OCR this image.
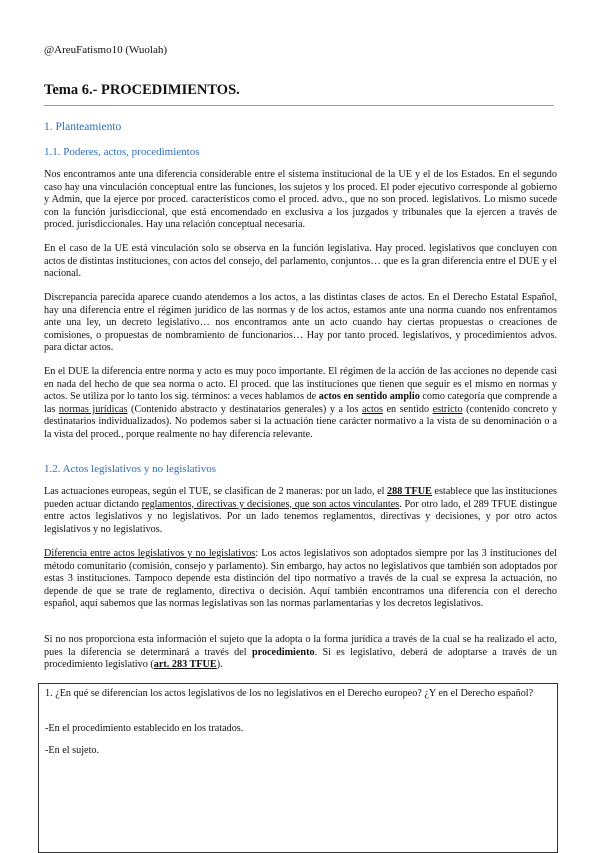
@AreuFatismo10 (Wuolah)
Tema 6.- PROCEDIMIENTOS.
1. Planteamiento
1.1. Poderes, actos, procedimientos
Nos encontramos ante una diferencia considerable entre el sistema institucional de la UE y el de los Estados. En el segundo caso hay una vinculación conceptual entre las funciones, los sujetos y los proced. El poder ejecutivo corresponde al gobierno y Admin, que la ejerce por proced. característicos como el proced. advo., que no son proced. legislativos. Lo mismo sucede con la función jurisdiccional, que está encomendado en exclusiva a los juzgados y tribunales que la ejercen a través de proced. jurisdiccionales. Hay una relación conceptual necesaria.
En el caso de la UE está vinculación solo se observa en la función legislativa. Hay proced. legislativos que concluyen con actos de distintas instituciones, con actos del consejo, del parlamento, conjuntos… que es la gran diferencia entre el DUE y el nacional.
Discrepancia parecida aparece cuando atendemos a los actos, a las distintas clases de actos. En el Derecho Estatal Español, hay una diferencia entre el régimen jurídico de las normas y de los actos, estamos ante una norma cuando nos enfrentamos ante una ley, un decreto legislativo… nos encontramos ante un acto cuando hay ciertas propuestas o creaciones de comisiones, o propuestas de nombramiento de funcionarios… Hay por tanto proced. legislativos, y procedimientos advos. para dictar actos.
En el DUE la diferencia entre norma y acto es muy poco importante. El régimen de la acción de las acciones no depende casi en nada del hecho de que sea norma o acto. El proced. que las instituciones que tienen que seguir es el mismo en normas y actos. Se utiliza por lo tanto los sig. términos: a veces hablamos de actos en sentido amplio como categoría que comprende a las normas jurídicas (Contenido abstracto y destinatarios generales) y a los actos en sentido estricto (contenido concreto y destinatarios individualizados). No podemos saber si la actuación tiene carácter normativo a la vista de su denominación o a la vista del proced., porque realmente no hay diferencia relevante.
1.2. Actos legislativos y no legislativos
Las actuaciones europeas, según el TUE, se clasifican de 2 maneras: por un lado, el 288 TFUE establece que las instituciones pueden actuar dictando reglamentos, directivas y decisiones, que son actos vinculantes. Por otro lado, el 289 TFUE distingue entre actos legislativos y no legislativos. Por un lado tenemos reglamentos, directivas y decisiones, y por otro actos legislativos y no legislativos.
Diferencia entre actos legislativos y no legislativos: Los actos legislativos son adoptados siempre por las 3 instituciones del método comunitario (comisión, consejo y parlamento). Sin embargo, hay actos no legislativos que también son adoptados por estas 3 instituciones. Tampoco depende esta distinción del tipo normativo a través de la cual se expresa la actuación, no depende de que se trate de reglamento, directiva o decisión. Aquí también encontramos una diferencia con el derecho español, aquí sabemos que las normas legislativas son las normas parlamentarias y los decretos legislativos.
Si no nos proporciona esta información el sujeto que la adopta o la forma jurídica a través de la cual se ha realizado el acto, pues la diferencia se determinará a través del procedimiento. Si es legislativo, deberá de adoptarse a través de un procedimiento legislativo (art. 283 TFUE).
1. ¿En qué se diferencian los actos legislativos de los no legislativos en el Derecho europeo? ¿Y en el Derecho español?
-En el procedimiento establecido en los tratados.
-En el sujeto.
